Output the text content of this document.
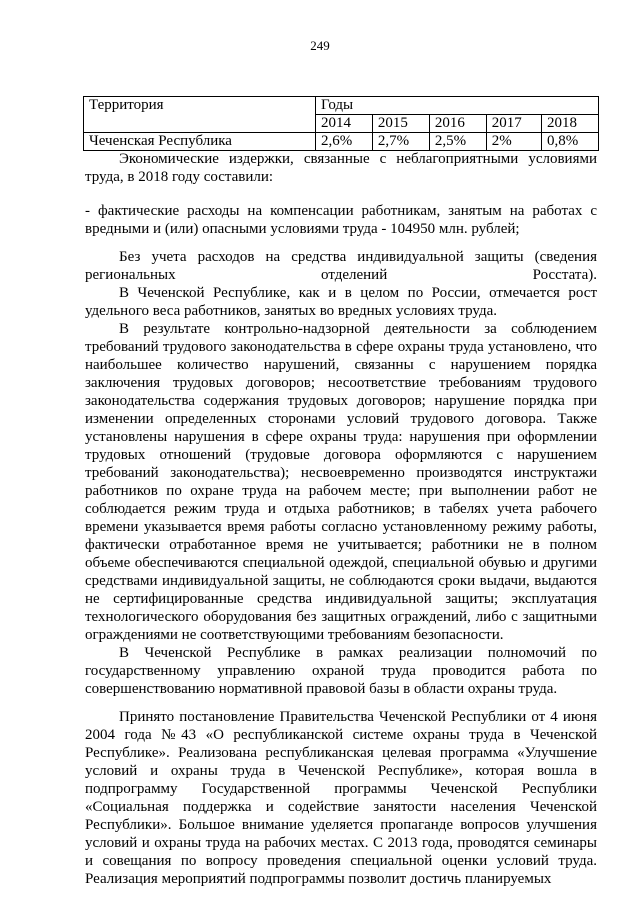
249
Территория	Годы				
	2014	2015	2016	2017	2018
Чеченская Республика	2,6%	2,7%	2,5%	2%	0,8%

Экономические издержки, связанные с неблагоприятными условиями труда, в 2018 году составили:

- фактические расходы на компенсации работникам, занятым на работах с вредными и (или) опасными условиями труда - 104950 млн. рублей;

Без учета расходов на средства индивидуальной защиты (сведения региональных отделений Росстата).

В Чеченской Республике, как и в целом по России, отмечается рост удельного веса работников, занятых во вредных условиях труда.

В результате контрольно-надзорной деятельности за соблюдением требований трудового законодательства в сфере охраны труда установлено, что наибольшее количество нарушений, связанны с нарушением порядка заключения трудовых договоров; несоответствие требованиям трудового законодательства содержания трудовых договоров; нарушение порядка при изменении определенных сторонами условий трудового договора. Также установлены нарушения в сфере охраны труда: нарушения при оформлении трудовых отношений (трудовые договора оформляются с нарушением требований законодательства); несвоевременно производятся инструктажи работников по охране труда на рабочем месте; при выполнении работ не соблюдается режим труда и отдыха работников; в табелях учета рабочего времени указывается время работы согласно установленному режиму работы, фактически отработанное время не учитывается; работники не в полном объеме обеспечиваются специальной одеждой, специальной обувью и другими средствами индивидуальной защиты, не соблюдаются сроки выдачи, выдаются не сертифицированные средства индивидуальной защиты; эксплуатация технологического оборудования без защитных ограждений, либо с защитными ограждениями не соответствующими требованиям безопасности.

В Чеченской Республике в рамках реализации полномочий по государственному управлению охраной труда проводится работа по совершенствованию нормативной правовой базы в области охраны труда.

Принято постановление Правительства Чеченской Республики от 4 июня 2004 года №43 «О республиканской системе охраны труда в Чеченской Республике». Реализована республиканская целевая программа «Улучшение условий и охраны труда в Чеченской Республике», которая вошла в подпрограмму Государственной программы Чеченской Республики «Социальная поддержка и содействие занятости населения Чеченской Республики». Большое внимание уделяется пропаганде вопросов улучшения условий и охраны труда на рабочих местах. С 2013 года, проводятся семинары и совещания по вопросу проведения специальной оценки условий труда. Реализация мероприятий подпрограммы позволит достичь планируемых
